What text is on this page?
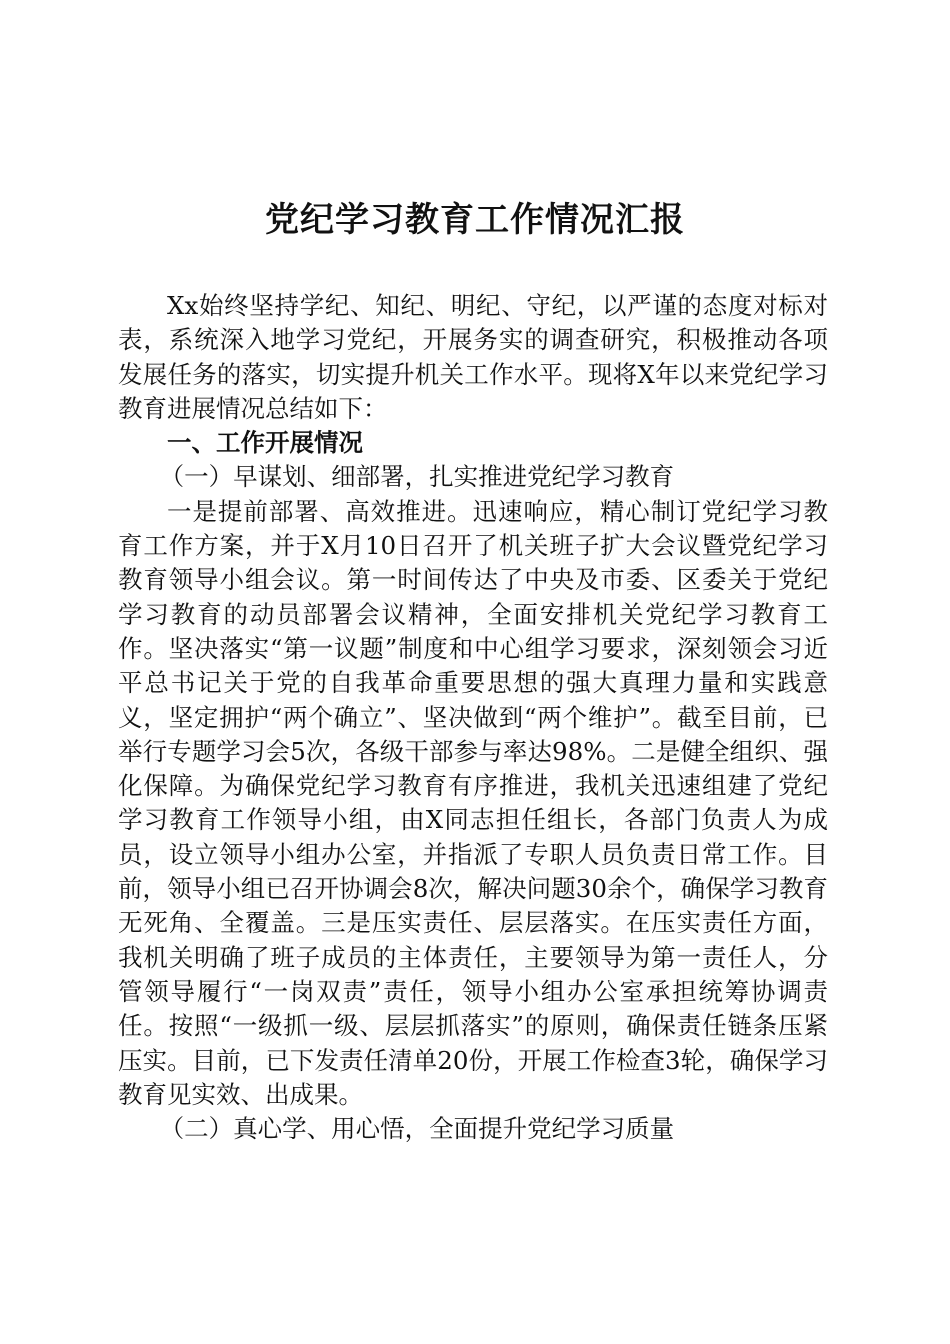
党纪学习教育工作情况汇报

Xx始终坚持学纪、知纪、明纪、守纪，以严谨的态度对标对表，系统深入地学习党纪，开展务实的调查研究，积极推动各项发展任务的落实，切实提升机关工作水平。现将X年以来党纪学习教育进展情况总结如下：

一、工作开展情况

（一）早谋划、细部署，扎实推进党纪学习教育

一是提前部署、高效推进。迅速响应，精心制订党纪学习教育工作方案，并于X月10日召开了机关班子扩大会议暨党纪学习教育领导小组会议。第一时间传达了中央及市委、区委关于党纪学习教育的动员部署会议精神，全面安排机关党纪学习教育工作。坚决落实“第一议题”制度和中心组学习要求，深刻领会习近平总书记关于党的自我革命重要思想的强大真理力量和实践意义，坚定拥护“两个确立”、坚决做到“两个维护”。截至目前，已举行专题学习会5次，各级干部参与率达98%。二是健全组织、强化保障。为确保党纪学习教育有序推进，我机关迅速组建了党纪学习教育工作领导小组，由X同志担任组长，各部门负责人为成员，设立领导小组办公室，并指派了专职人员负责日常工作。目前，领导小组已召开协调会8次，解决问题30余个，确保学习教育无死角、全覆盖。三是压实责任、层层落实。在压实责任方面，我机关明确了班子成员的主体责任，主要领导为第一责任人，分管领导履行“一岗双责”责任，领导小组办公室承担统筹协调责任。按照“一级抓一级、层层抓落实”的原则，确保责任链条压紧压实。目前，已下发责任清单20份，开展工作检查3轮，确保学习教育见实效、出成果。

（二）真心学、用心悟，全面提升党纪学习质量
